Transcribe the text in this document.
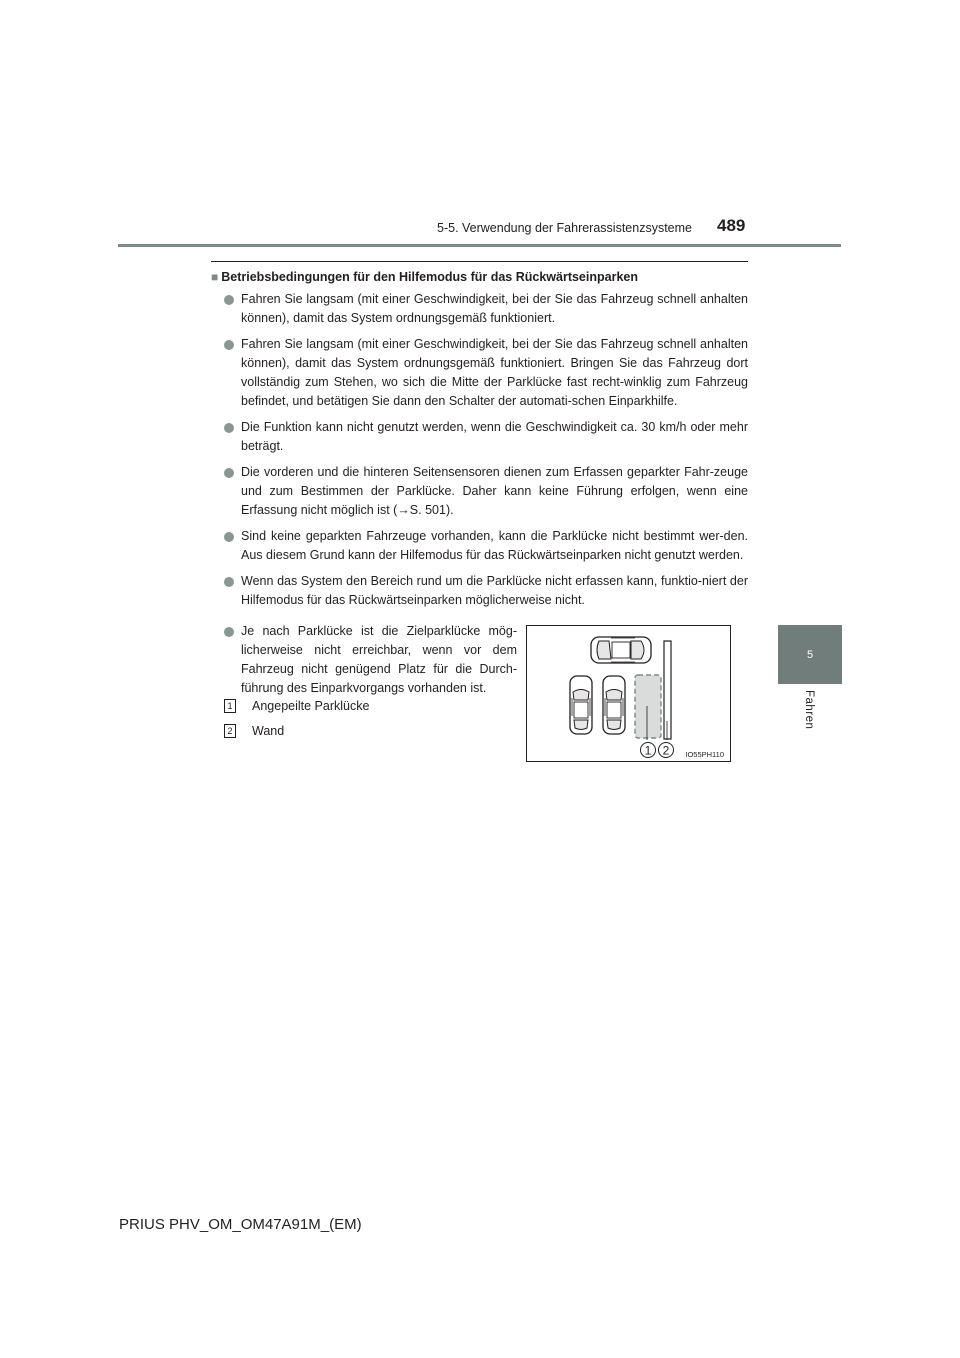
5-5. Verwendung der Fahrerassistenzsysteme 489
5
Fahren
■ Betriebsbedingungen für den Hilfemodus für das Rückwärtseinparken
Fahren Sie langsam (mit einer Geschwindigkeit, bei der Sie das Fahrzeug schnell anhalten können), damit das System ordnungsgemäß funktioniert.
Fahren Sie langsam (mit einer Geschwindigkeit, bei der Sie das Fahrzeug schnell anhalten können), damit das System ordnungsgemäß funktioniert. Bringen Sie das Fahrzeug dort vollständig zum Stehen, wo sich die Mitte der Parklücke fast recht-winklig zum Fahrzeug befindet, und betätigen Sie dann den Schalter der automati-schen Einparkhilfe.
Die Funktion kann nicht genutzt werden, wenn die Geschwindigkeit ca. 30 km/h oder mehr beträgt.
Die vorderen und die hinteren Seitensensoren dienen zum Erfassen geparkter Fahr-zeuge und zum Bestimmen der Parklücke. Daher kann keine Führung erfolgen, wenn eine Erfassung nicht möglich ist (→S. 501).
Sind keine geparkten Fahrzeuge vorhanden, kann die Parklücke nicht bestimmt wer-den. Aus diesem Grund kann der Hilfemodus für das Rückwärtseinparken nicht genutzt werden.
Wenn das System den Bereich rund um die Parklücke nicht erfassen kann, funktio-niert der Hilfemodus für das Rückwärtseinparken möglicherweise nicht.
Je nach Parklücke ist die Zielparklücke mög-licherweise nicht erreichbar, wenn vor dem Fahrzeug nicht genügend Platz für die Durch-führung des Einparkvorgangs vorhanden ist.
1 Angepeilte Parklücke
2 Wand
1 2 IO55PH110
PRIUS PHV_OM_OM47A91M_(EM)
